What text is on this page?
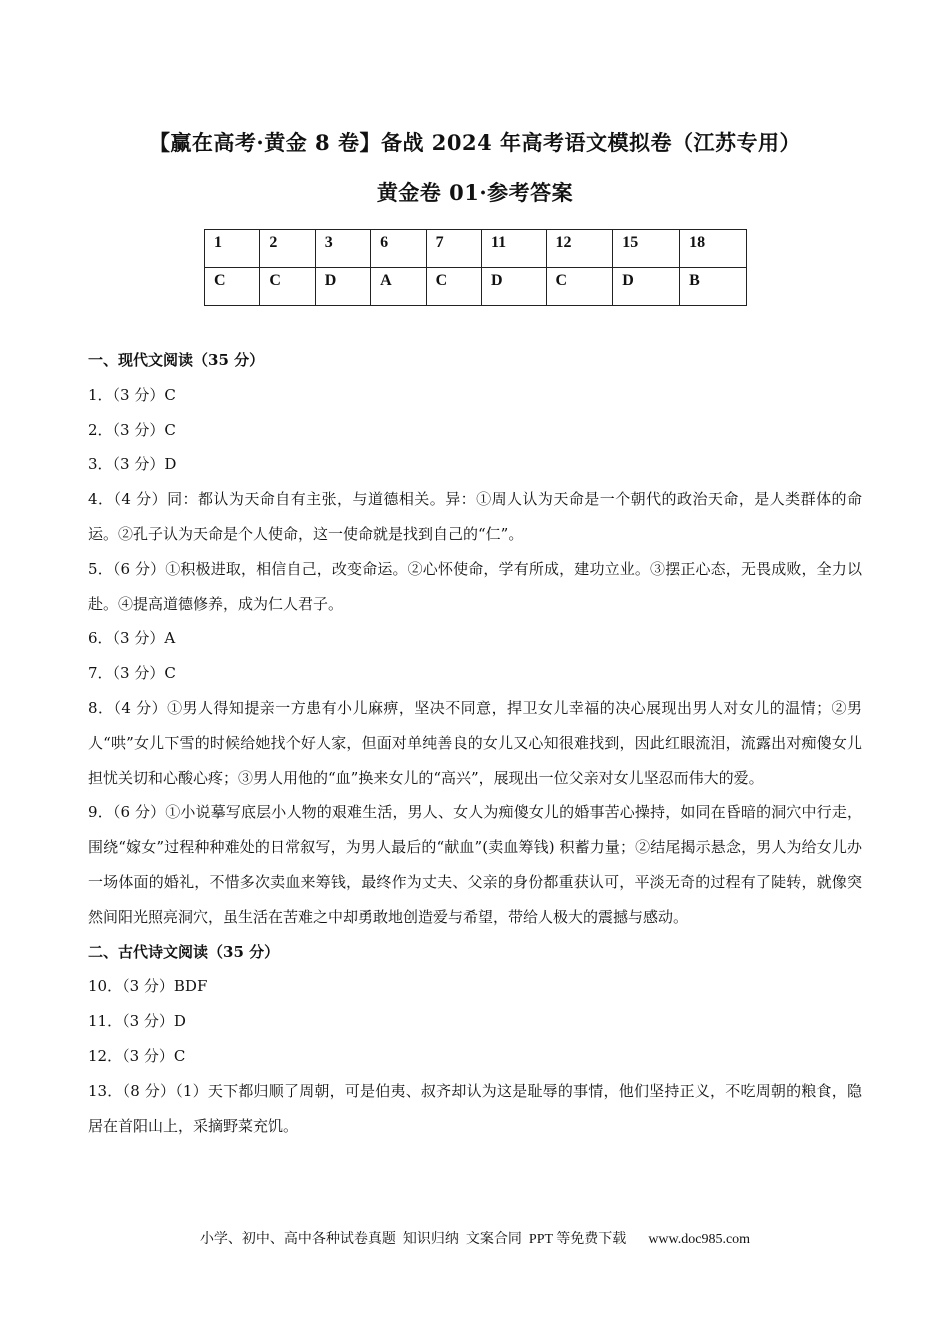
【赢在高考·黄金 8 卷】备战 2024 年高考语文模拟卷（江苏专用）
黄金卷 01·参考答案
1	2	3	6	7	11	12	15	18
C	C	D	A	C	D	C	D	B

一、现代文阅读（35 分）

1．（3 分）C

2．（3 分）C

3．（3 分）D

4．（4 分）同：都认为天命自有主张，与道德相关。异：①周人认为天命是一个朝代的政治天命，是人类群体的命运。②孔子认为天命是个人使命，这一使命就是找到自己的“仁”。

5．（6 分）①积极进取，相信自己，改变命运。②心怀使命，学有所成，建功立业。③摆正心态，无畏成败，全力以赴。④提高道德修养，成为仁人君子。

6．（3 分）A

7．（3 分）C

8．（4 分）①男人得知提亲一方患有小儿麻痹，坚决不同意，捍卫女儿幸福的决心展现出男人对女儿的温情；②男人“哄”女儿下雪的时候给她找个好人家，但面对单纯善良的女儿又心知很难找到，因此红眼流泪，流露出对痴傻女儿担忧关切和心酸心疼；③男人用他的“血”换来女儿的“高兴”，展现出一位父亲对女儿坚忍而伟大的爱。

9．（6 分）①小说摹写底层小人物的艰难生活，男人、女人为痴傻女儿的婚事苦心操持，如同在昏暗的洞穴中行走，围绕“嫁女”过程种种难处的日常叙写，为男人最后的“献血”(卖血筹钱) 积蓄力量；②结尾揭示悬念，男人为给女儿办一场体面的婚礼，不惜多次卖血来筹钱，最终作为丈夫、父亲的身份都重获认可，平淡无奇的过程有了陡转，就像突然间阳光照亮洞穴，虽生活在苦难之中却勇敢地创造爱与希望，带给人极大的震撼与感动。

二、古代诗文阅读（35 分）

10．（3 分）BDF

11．（3 分）D

12．（3 分）C

13．（8 分）（1）天下都归顺了周朝，可是伯夷、叔齐却认为这是耻辱的事情，他们坚持正义，不吃周朝的粮食，隐居在首阳山上，采摘野菜充饥。

小学、初中、高中各种试卷真题  知识归纳  文案合同  PPT 等免费下载 www.doc985.com
